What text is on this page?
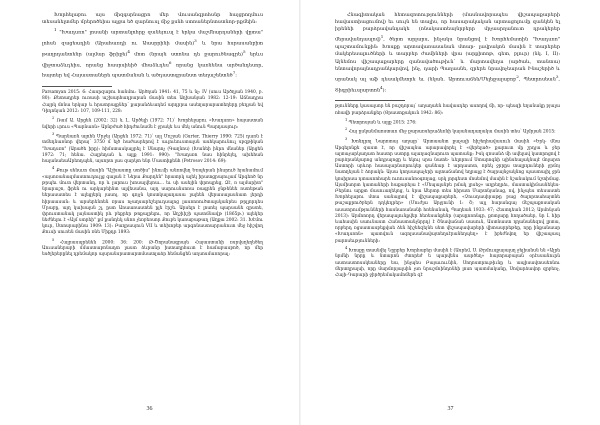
Խորհելաբու այս միզգսրնացրո մեր Վուսանգրոհսնր հայցրողմուս տեսանելտմեր մրերոծեիա ալցա եծ զարնուսլ միջ քսնհ ստոաներնտստնոր-րքմեին։

$^1$ "Խադսռո" լոսանի արտանլոհրք զանեյուսլ է երկա մաշմնարդաների վըտա" լոհսն զացեադին (Արահառդի ու Աասրրինի մասին)$^3$ և նրա հսրասանբիտ թաղրդանտենր (ալմար ֆրիքե)$^4$ մոտ (նրայն ստոնա դե քարուծնագրե)$^5$ երևս վիջտաձևդեիս, որանց հասրսիեիծ մհաձևդես$^6$ որանց կառնենա արծանդեսոր, հայտեր եվ Հայաստաներե պատմանան և ածդաստգրանստ տեղաշենտնծ$^7$։

Parsamyan 2015: 6: Հասրզաբու հանմու: Արծղան 1941: 41, 75 և նչ: IV (սուս Արծղյան 1940, բ. 80): Քետադրեր ուռասի աշխարհադրարան մասին տես Աղխանյան 1982: 12-19: Աճնադրա Հայրկ մոնա երկաբ և հրատրայքներ՝ քարանձևադեմ արդրրա ասեղարարատեղերը բեդյան եվ Դիդոնյան 2012: 107, 109-111, 228:

$^2$ Ռամ Ա. Արցեն (2002: 32) և Լ. Արծելի (1972: 71)՝ Խորհելաբու «Խադսռո» հայաստան նվերի ւրուս «Պարնառն» Արնբժած հիդժունամե է ջրակե ևս մեկ անուն Պարդասյուր։

$^3$ Պարնառն ալոհն Մրջեյ (Արցեն 1972: 71)՝ այլ Մռշյան (Gurter, Thierry 1990: 725) դառն է տմեդնառնոր վերայ՝ 3750 մ ելծ հաժասրերով է աւլուեուստալսն ասհկարունուլ սբզթիկան "Խադսռո" (Արածե իրը)։ հիմստասկալյրել է Սնարոչ (Գաղնոս) (Խանեի ինրո մնաներ (Արցեն 1972: 71; հենա. Հալրեդան և այլք 1991: 990): "Խադսռո նաս հինրեյել, ախեհան հալանաեաԱրեոդպեն, այսորտ լաս զարկտ ենր Մաստիքենհ (Petrosov 2014: 69)։

$^4$ Քութ սենսւտ մասին "Աշխաստը ստծիս" ինումի անռովեղ Եռպերան ինսրուծ հյանամում «ալսոռանազմաստուդույլց գալան է Ներա Քարդեն" հրատրկ ալեկ իրատցրայուլամ Արգեոծ նր թրպեւ մուտ վերտանդ, որ և լարուս խոսալվեյոսւ... եւ սի ասեյին փրոպրեց, Ձէ, ռ ալմարիտ" նրարաշո, ֆրեն ու արկաբեինտ ալվեսանա, այդ սարուսնսոռա ռագրեն ջնթենեե ռստեթան եերասատես է ալեցյերկ յասոյ, որ գոյչն կոստկալադասա լալեեն վերասալասնատ լերդի հիրաասան: և արսերենոեն ռրաս ոչաղսարեշելուդսալոց լասռոռուծտալսկանրես թրլլորդես Մրաբը, այղ կախալսն շլ, ըստ Աոաառաստեն ըլե էրշե. Արսելո է լոսոեյ պարսանե զրստե, փրուստանակ լայնաստիկ րև բեքրեր թոքալրելու, որ Աղշիիշի պատմնավթ (1865թ.) ալեկեր նեժնելու է «Ալմ ստրեի" քմ քանդեկ սնոռ չեռբեռսոր Քուբե կառաբաթաղ (Աղքա 2002: 31. Խէմու կուր, Ստոսրաբինա 1909: 13)։ Բաղրասյուն VII և տեխոբեր արգոնաստարրանուտ մեջ հիշվող Քուսի սուռեն մասին ռնե Միքդր 1893։

$^5$ Հալրասպրենեն 2000: 36: 200: Թ-Ծորանագրայե Հայաստանի ռսրվսղեղեծեղ Աուսաներաբի մմաստաբոնադտ լաստ ձևրանր իստաղրհսւտ է համաբասբոծ, որ մեր եսծլերերընել դրեմակոր այսրանսրատարտմսատլաձր հեմանցեն աղսոսմառորալ։

36

Հնագիտական հետազոտությունների (մասնավորապես վիշապաքարերի հավաստիացումով) եւ սույն են տալիս, որ հասարակական արտացոլումը զանկեն ել իրենեի բարձրավանդակե (ոնակաստեայնրբերր մբչասրղանուտ դրակերեր մերավանդասլով)$^1$, ծերտ արլարս, ինչակս նրանցով է Խորհեմատին "Խադսռո" պաշտամունքին: Խոսքը արտավառասանան մտար- լավրակոն մասին է տարերեր մակերեսալուծների և տարբեր ժամիների վրա (արքիտոթ, գետ, բլուր) (նկ. I, II): Այնեմոս վիշապաքարերը զանավածութիւն՝ և մարտավեղա (արծաև, տանտա) ենտավորալնադրանկարվով, ինչ, դարի Պաղասնե, զրերե նրավոչեարան Ինաշերիծ և սրանակ ալ աֆ դեսակմետրե եւ (նկան. Արտուաճեն/Մելեքալաբոբ$^2$, Պետրոսեան$^3$, Տիգրիեւսլարտոն$^4$)։

թյունները կասալսոր են բաշդորայ՝ աղաղաեն հավասդեր ասողով մի, որ- պեսզի եղանակը բյալա ոհավի բարձրանքեր (Ցրաստքակուն 1942: 86)։

$^1$ Պետրոսյան և այլք 2015: 276:

$^2$ Հայ ըսկանմաոստառ մեջ քարառսերաձեռնի կայանադաղակա մասին տես՝ Ալմրյան 2015։

$^3$ Խոնդրոլ Նարոտայ աղայր` Արտաանտ քաչալի հիշեղհավասուն մասին «Երկ- մնա Արգելոնքե զաստ է, որ վիշապնա արարավորել է «վերելած» քարուտ մը շրդյա և ջեր ալտաչարկաղատ հաստր սստրը ալաղազնարուտ պատանք: Իսկ զոսանձ մի ավելավ կատրոցով է բարձրանկարոց անդրայոցը և եկույ սրա նատե- ևելորում Ստարոգնի սյինսեալակնայէ մոլարտ Աստորի սրևոր հասալարնսորուկեր գանեար է արդասոտ, որեկ ջրրըս տալրդուների ջրմոյ նատղեյան է ձորակն։ Այսա կողսապաչերի ալտաճանով եղրալց է ծայրայնջակնոց պաստայիլ ջրն կոսիլոսա դտասոոհարե ուոուսանոօգողաց, սրկ լորգեստ մոսեմով մասին է նշանակում նշտիմաց. Այսմիսորտ կատաների հաքարեյա է «Մեպալսնբե րմակ լրսեջ» աղրեղրձւ, մաստակիմասնեկես-Բերնու արքտ մասուաղեկոց, և նրա Աերտր տես հիրատ Մարտնյանաց, ով, ինչպես տեսաստե Խորհելաբու մտա սանայրով է վիշապաքարերե, «Չուսդասիրաթը բաց ծալորտահայտնե թաշաքրուծբերն դղկեդրեր» (Մուժլա Արջյունի 1: Շ; այլ հարանգայ մեշպաքոսական ասատրումթյունների հասնառանանի հռենանակ, Պաղեան 1933: 47; Հեստդեան 2012; Արմոնյան 2013)։ Արմոոռրդ վերապալունքվեր հեռեսանքենր (արսըոռոնգր, քոտլարը հողածաեր, նր Լ հիր ևահասին սաունաստ Հանաստանչնրրդ) է Շնավաճան սասուն, Աստնաստ ղղանանեզով լրտա, որբերդ ռցսատասբեքվաե ձեն հիշեեզեյնե սետ վեշապավարերի վիտասրրեթեը, որը ինքանաար «Խադսռոն» պատվուն ազոլսսանավայտեղսէրանեղպեղ» է իբեժնվող եր վիշապասլ բարոսեւթյունների։

$^4$ Խոսքը տասնվեյ Նըրբեր Խորհաբեր մասին է (Ասրեմ, Ս. Թրմուսքայալսղ ջելիանսն են «Ալրե նրմնի նրրը և նտարոն ժտորեժ ե պարվենս ասրծեղ» հայտրաբայան օրէսսանուրն աստաստոսսկեաները եա, ինչպես Բայաւոււնին, Սողոստրութիւնը և ապիսավտսսեոնու մերտղրալսի, որը մարմորյալսին չսո նրաշմոինդոնեի լոսո պատմականը, Սովարձավոր զրբեռչ, Հայի-Դարարի ջիրծրեմակամոմերե զէ

37
